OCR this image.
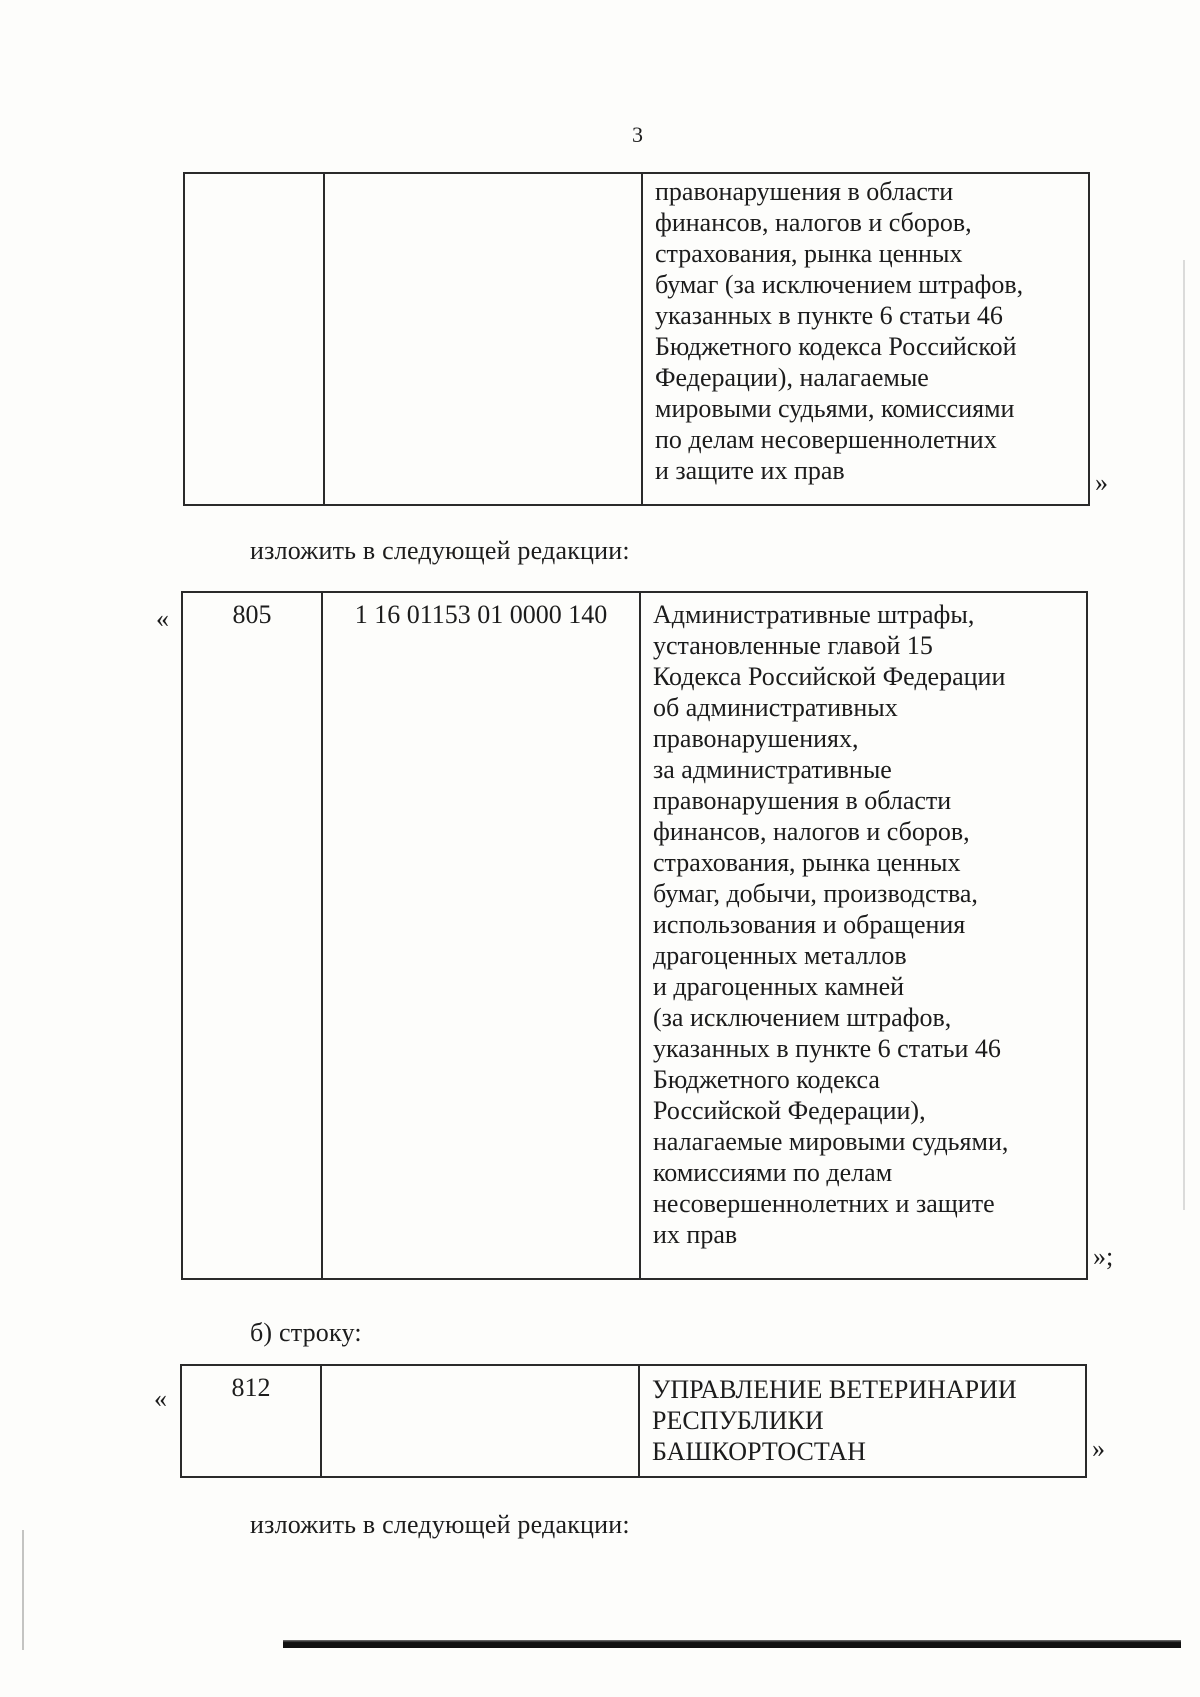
3

правонарушения в области
финансов, налогов и сборов,
страхования, рынка ценных
бумаг (за исключением штрафов,
указанных в пункте 6 статьи 46
Бюджетного кодекса Российской
Федерации), налагаемые
мировыми судьями, комиссиями
по делам несовершеннолетних
и защите их прав	»
изложить в следующей редакции:
« 805	1 16 01153 01 0000 140	Административные штрафы,
установленные главой 15
Кодекса Российской Федерации
об административных
правонарушениях,
за административные
правонарушения в области
финансов, налогов и сборов,
страхования, рынка ценных
бумаг, добычи, производства,
использования и обращения
драгоценных металлов
и драгоценных камней
(за исключением штрафов,
указанных в пункте 6 статьи 46
Бюджетного кодекса
Российской Федерации),
налагаемые мировыми судьями,
комиссиями по делам
несовершеннолетних и защите
их прав
»;
б) строку:
« 812		УПРАВЛЕНИЕ ВЕТЕРИНАРИИ
РЕСПУБЛИКИ
БАШКОРТОСТАН	»
изложить в следующей редакции:
